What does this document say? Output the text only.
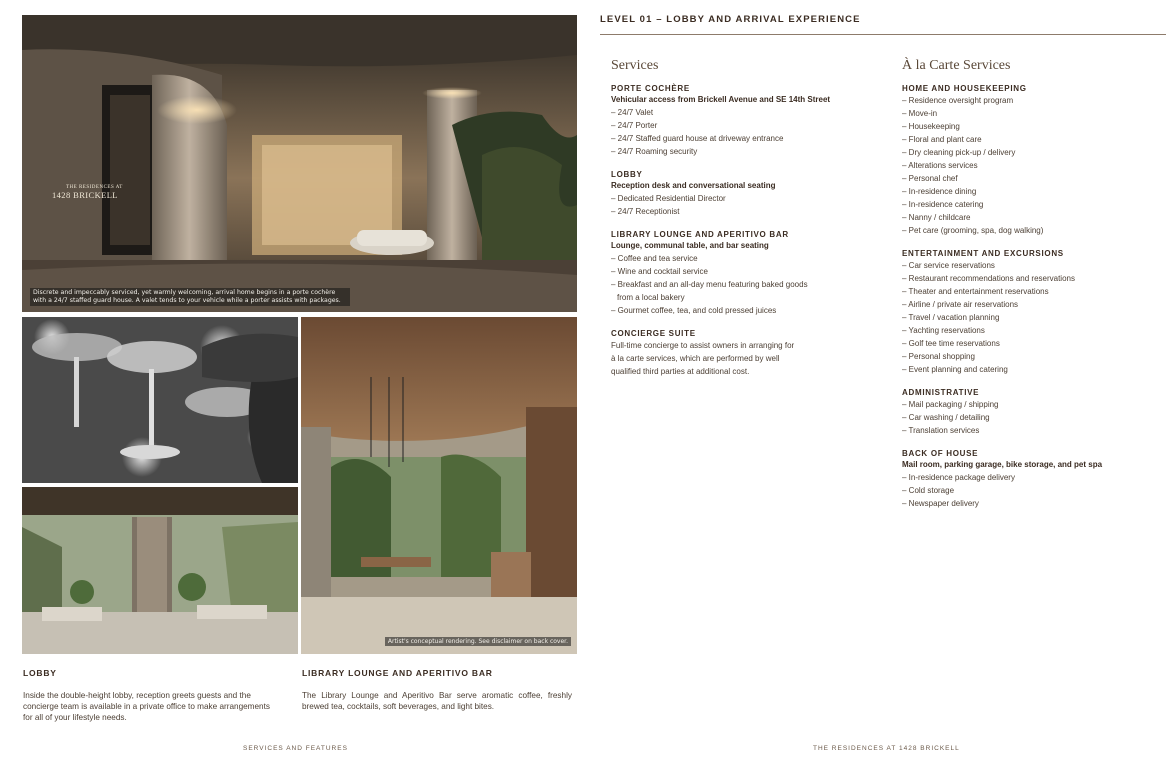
THE RESIDENCES AT
1428 BRICKELL
Discrete and impeccably serviced, yet warmly welcoming, arrival home begins in a porte cochère with a 24/7 staffed guard house. A valet tends to your vehicle while a porter assists with packages.
Artist's conceptual rendering. See disclaimer on back cover.
LOBBY
Inside the double-height lobby, reception greets guests and the concierge team is available in a private office to make arrangements for all of your lifestyle needs.
LIBRARY LOUNGE AND APERITIVO BAR
The Library Lounge and Aperitivo Bar serve aromatic coffee, freshly brewed tea, cocktails, soft beverages, and light bites.
SERVICES AND FEATURES
LEVEL 01 – LOBBY AND ARRIVAL EXPERIENCE
Services
PORTE COCHÈRE
Vehicular access from Brickell Avenue and SE 14th Street
– 24/7 Valet
– 24/7 Porter
– 24/7 Staffed guard house at driveway entrance
– 24/7 Roaming security
LOBBY
Reception desk and conversational seating
– Dedicated Residential Director
– 24/7 Receptionist
LIBRARY LOUNGE AND APERITIVO BAR
Lounge, communal table, and bar seating
– Coffee and tea service
– Wine and cocktail service
– Breakfast and an all-day menu featuring baked goods
from a local bakery
– Gourmet coffee, tea, and cold pressed juices
CONCIERGE SUITE
Full-time concierge to assist owners in arranging for
à la carte services, which are performed by well
qualified third parties at additional cost.
À la Carte Services
HOME AND HOUSEKEEPING
– Residence oversight program
– Move-in
– Housekeeping
– Floral and plant care
– Dry cleaning pick-up / delivery
– Alterations services
– Personal chef
– In-residence dining
– In-residence catering
– Nanny / childcare
– Pet care (grooming, spa, dog walking)
ENTERTAINMENT AND EXCURSIONS
– Car service reservations
– Restaurant recommendations and reservations
– Theater and entertainment reservations
– Airline / private air reservations
– Travel / vacation planning
– Yachting reservations
– Golf tee time reservations
– Personal shopping
– Event planning and catering
ADMINISTRATIVE
– Mail packaging / shipping
– Car washing / detailing
– Translation services
BACK OF HOUSE
Mail room, parking garage, bike storage, and pet spa
– In-residence package delivery
– Cold storage
– Newspaper delivery
THE RESIDENCES AT 1428 BRICKELL
